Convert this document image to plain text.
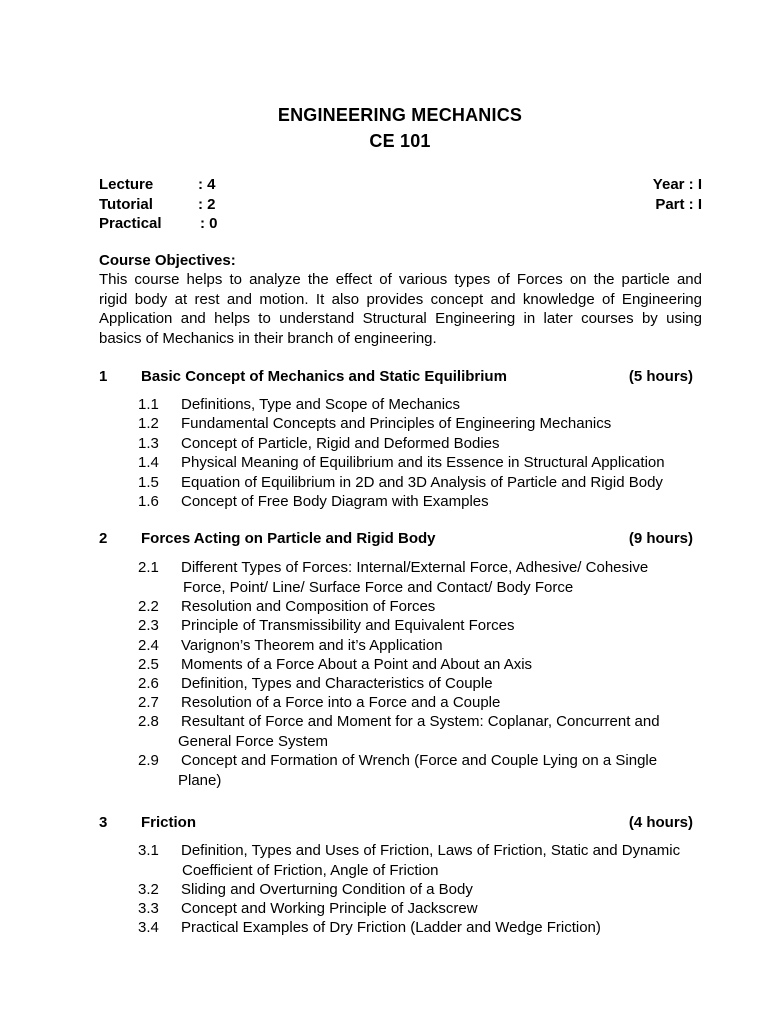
ENGINEERING MECHANICS
CE 101
Lecture	: 4	Year : I
Tutorial	: 2	Part : I
Practical	: 0
Course Objectives:
This course helps to analyze the effect of various types of Forces on the particle and
rigid body at rest and motion. It also provides concept and knowledge of Engineering
Application and helps to understand Structural Engineering in later courses by using
basics of Mechanics in their branch of engineering.
1 Basic Concept of Mechanics and Static Equilibrium	(5 hours)
1.1 Definitions, Type and Scope of Mechanics
1.2 Fundamental Concepts and Principles of Engineering Mechanics
1.3 Concept of Particle, Rigid and Deformed Bodies
1.4 Physical Meaning of Equilibrium and its Essence in Structural Application
1.5 Equation of Equilibrium in 2D and 3D Analysis of Particle and Rigid Body
1.6 Concept of Free Body Diagram with Examples
2 Forces Acting on Particle and Rigid Body	(9 hours)
2.1 Different Types of Forces: Internal/External Force, Adhesive/ Cohesive
Force, Point/ Line/ Surface Force and Contact/ Body Force
2.2 Resolution and Composition of Forces
2.3 Principle of Transmissibility and Equivalent Forces
2.4 Varignon’s Theorem and it’s Application
2.5 Moments of a Force About a Point and About an Axis
2.6 Definition, Types and Characteristics of Couple
2.7 Resolution of a Force into a Force and a Couple
2.8 Resultant of Force and Moment for a System: Coplanar, Concurrent and
General Force System
2.9 Concept and Formation of Wrench (Force and Couple Lying on a Single
Plane)
3 Friction	(4 hours)
3.1 Definition, Types and Uses of Friction, Laws of Friction, Static and Dynamic
Coefficient of Friction, Angle of Friction
3.2 Sliding and Overturning Condition of a Body
3.3 Concept and Working Principle of Jackscrew
3.4 Practical Examples of Dry Friction (Ladder and Wedge Friction)
